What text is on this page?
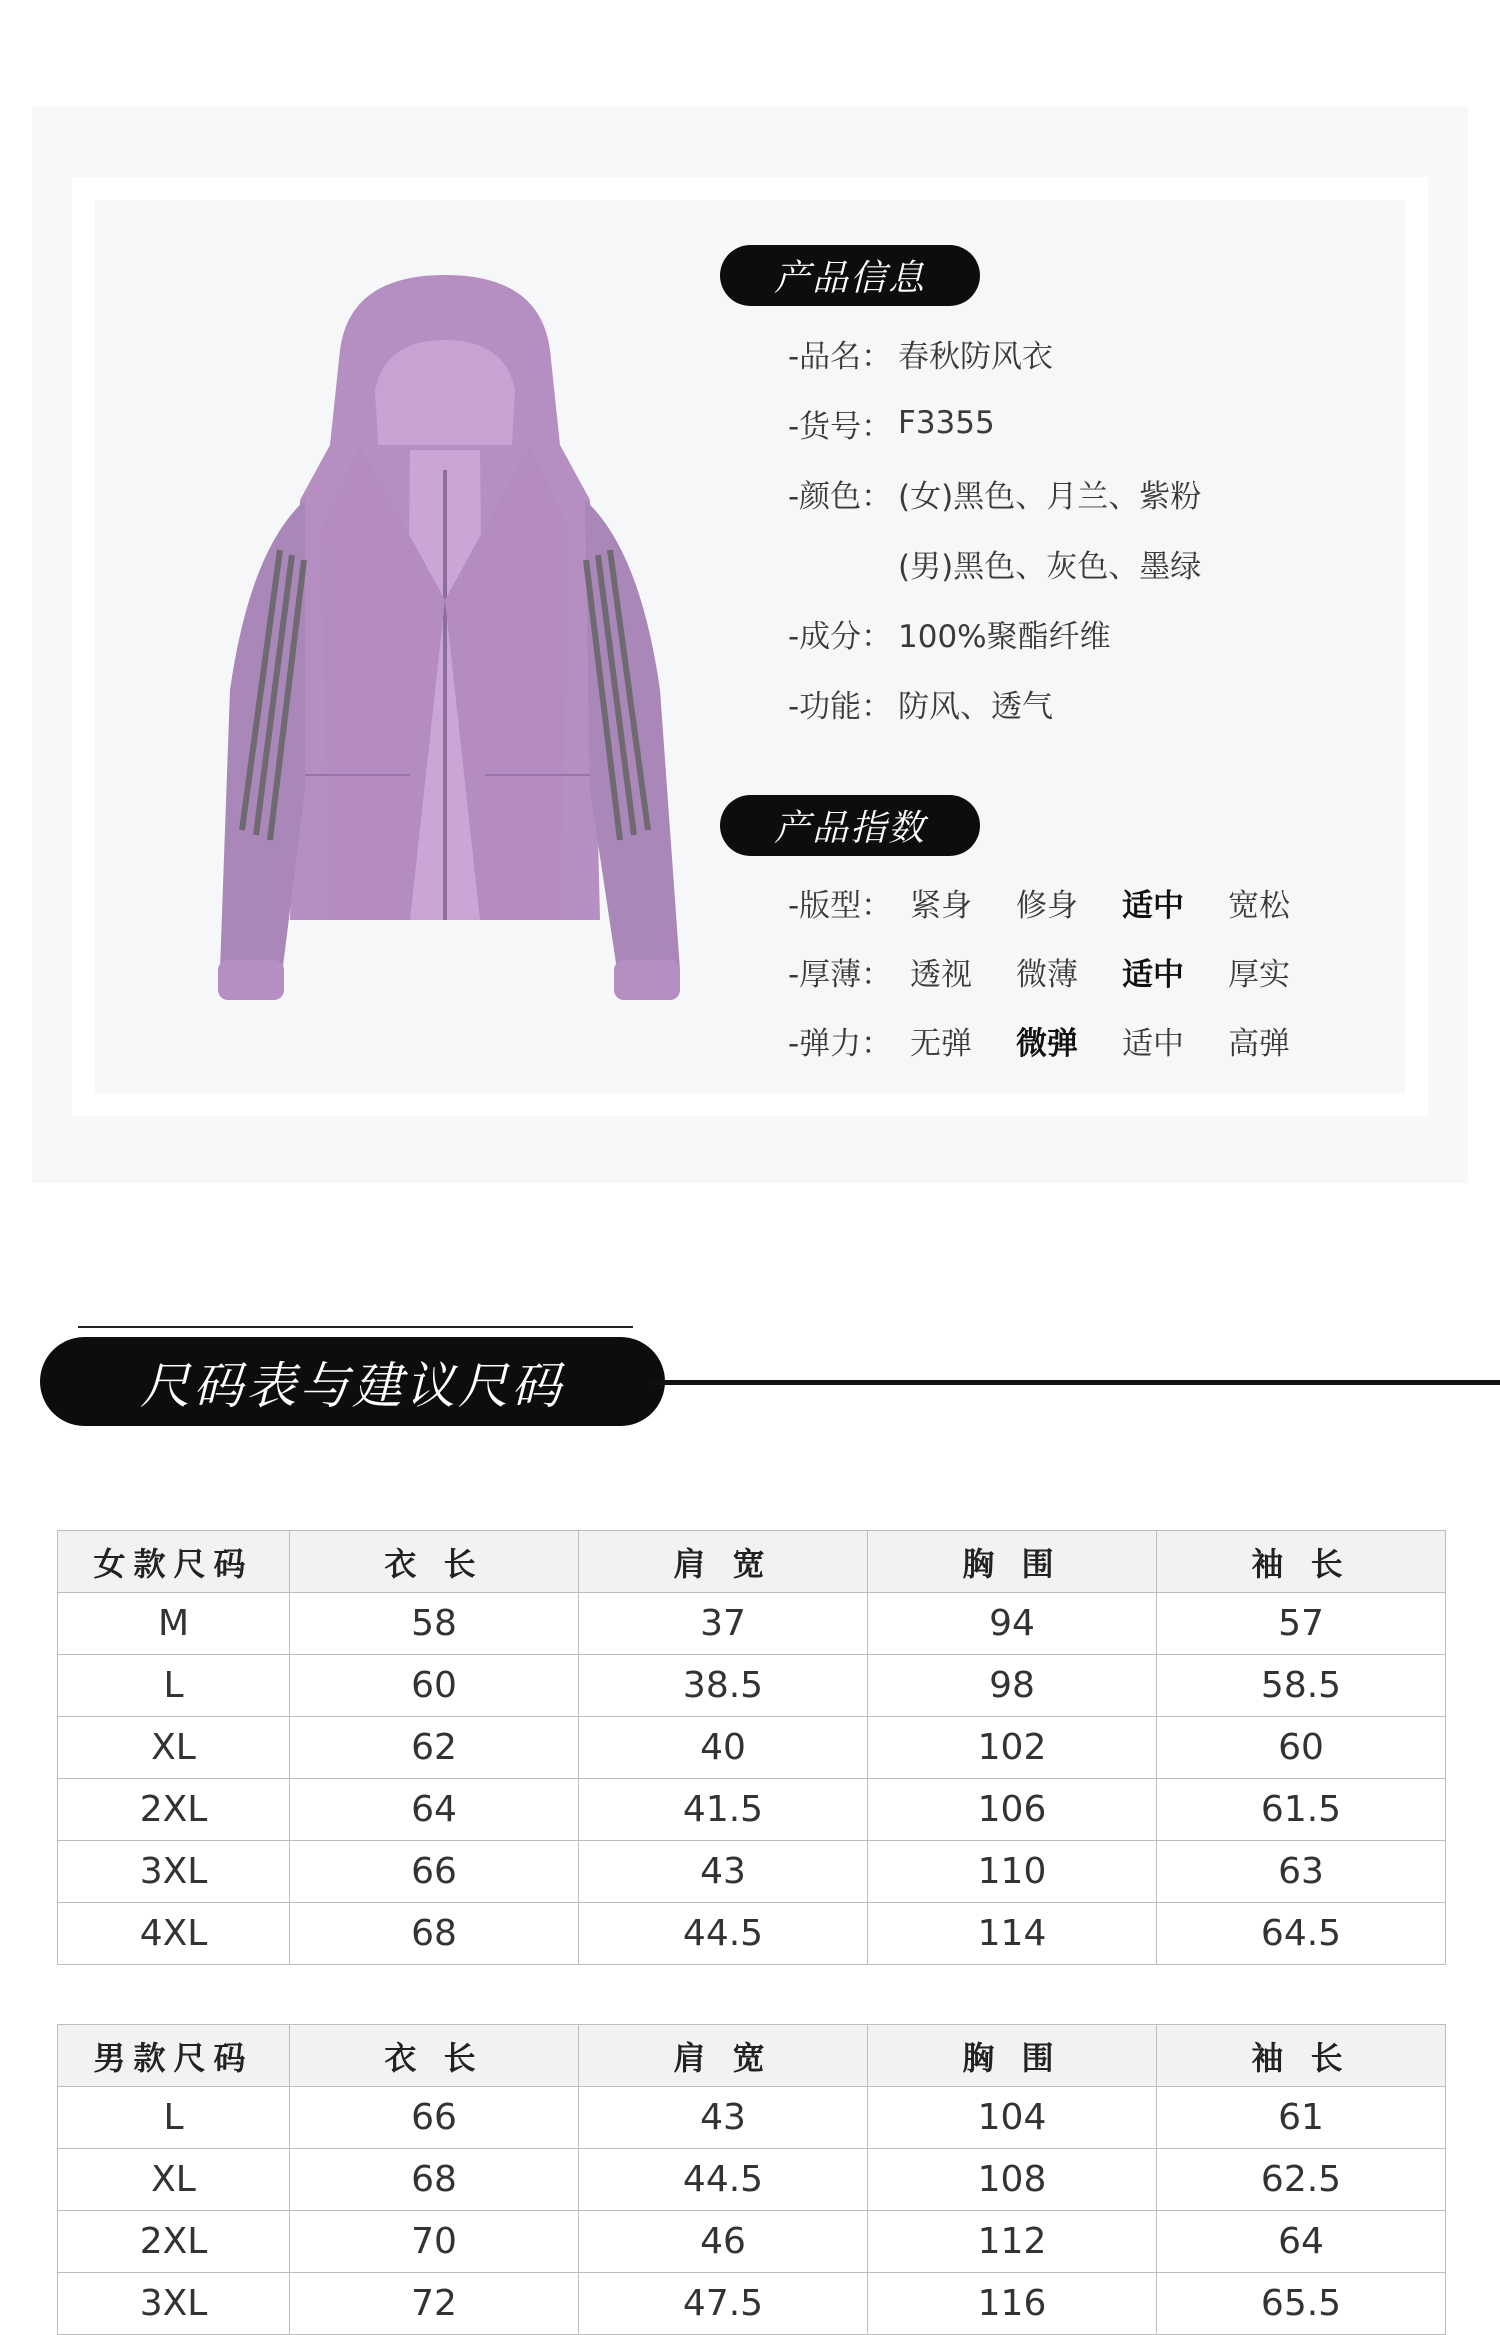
产品信息
-品名： 春秋防风衣
-货号： F3355
-颜色： (女)黑色、月兰、紫粉
(男)黑色、灰色、墨绿
-成分： 100%聚酯纤维
-功能： 防风、透气
产品指数
-版型： 紧身	修身	适中	宽松
-厚薄： 透视	微薄	适中	厚实
-弹力： 无弹	微弹	适中	高弹
尺码表与建议尺码
女款尺码	衣 长	肩 宽	胸 围	袖 长
M	58	37	94	57
L	60	38.5	98	58.5
XL	62	40	102	60
2XL	64	41.5	106	61.5
3XL	66	43	110	63
4XL	68	44.5	114	64.5
男款尺码	衣 长	肩 宽	胸 围	袖 长
L	66	43	104	61
XL	68	44.5	108	62.5
2XL	70	46	112	64
3XL	72	47.5	116	65.5
